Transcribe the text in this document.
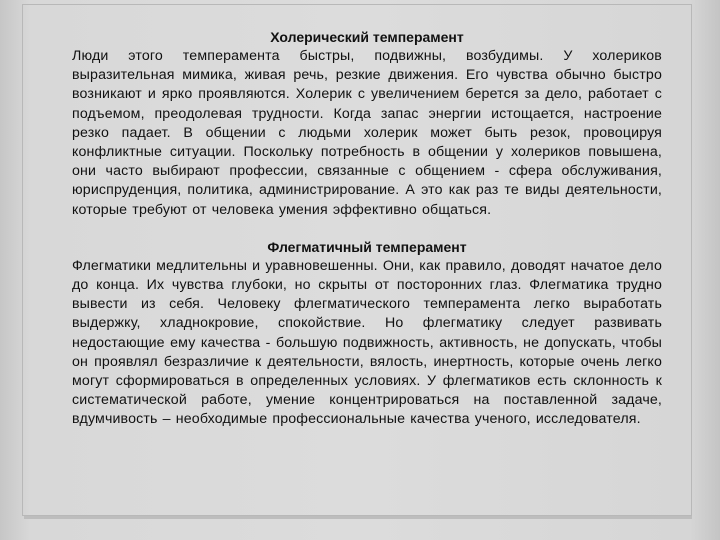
Холерический темперамент

Люди этого темперамента быстры, подвижны, возбудимы. У холериков выразительная мимика, живая речь, резкие движения. Его чувства обычно быстро возникают и ярко проявляются. Холерик с увеличением берется за дело, работает с подъемом, преодолевая трудности. Когда запас энергии истощается, настроение резко падает. В общении с людьми холерик может быть резок, провоцируя конфликтные ситуации. Поскольку потребность в общении у холериков повышена, они часто выбирают профессии, связанные с общением - сфера обслуживания, юриспруденция, политика, администрирование. А это как раз те виды деятельности, которые требуют от человека умения эффективно общаться.

Флегматичный темперамент

Флегматики медлительны и уравновешенны. Они, как правило, доводят начатое дело до конца. Их чувства глубоки, но скрыты от посторонних глаз. Флегматика трудно вывести из себя. Человеку флегматического темперамента легко выработать выдержку, хладнокровие, спокойствие. Но флегматику следует развивать недостающие ему качества - большую подвижность, активность, не допускать, чтобы он проявлял безразличие к деятельности, вялость, инертность, которые очень легко могут сформироваться в определенных условиях. У флегматиков есть склонность к систематической работе, умение концентрироваться на поставленной задаче, вдумчивость – необходимые профессиональные качества ученого, исследователя.
